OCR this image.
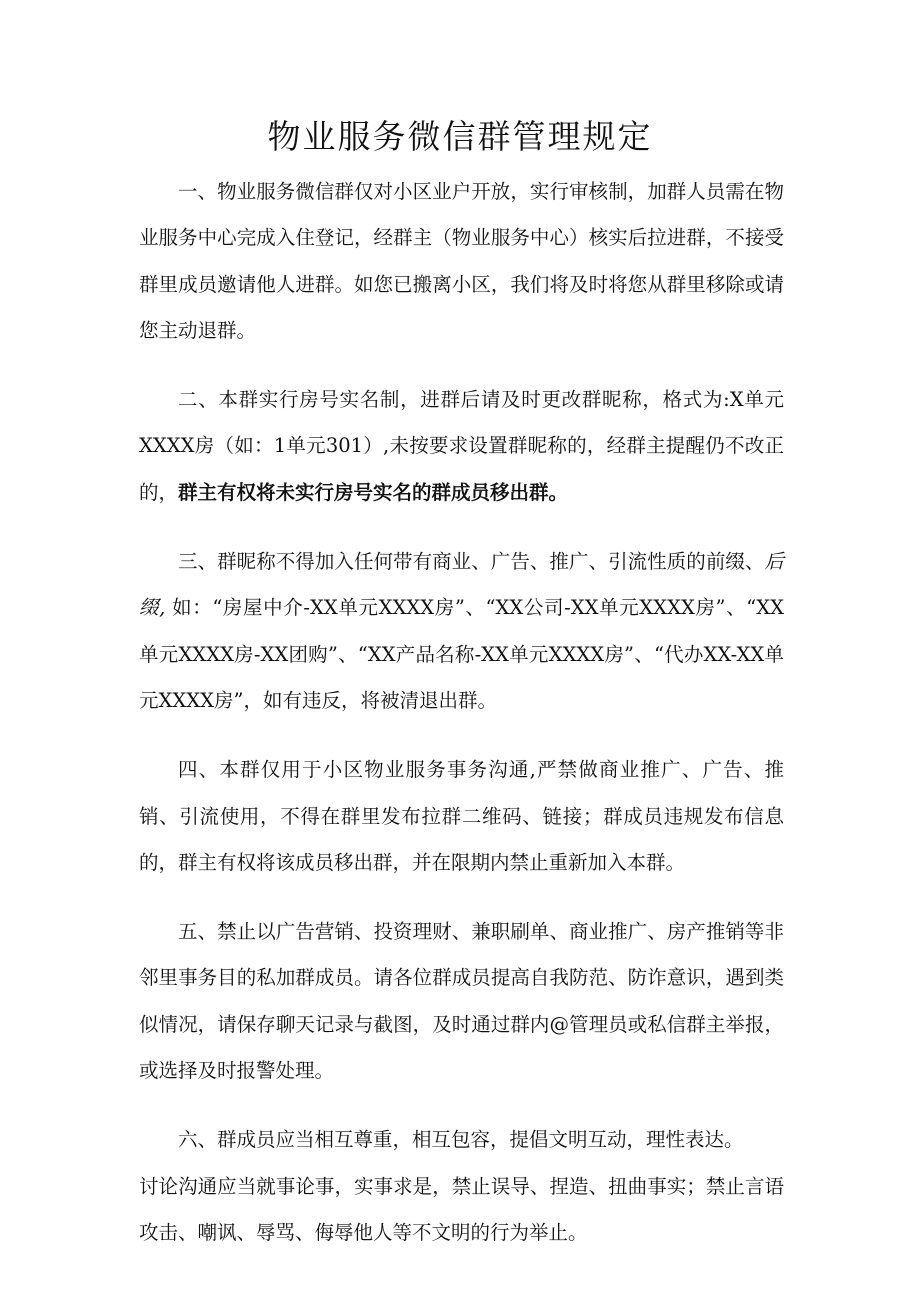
物业服务微信群管理规定

一、物业服务微信群仅对小区业户开放，实行审核制，加群人员需在物业服务中心完成入住登记，经群主（物业服务中心）核实后拉进群，不接受群里成员邀请他人进群。如您已搬离小区，我们将及时将您从群里移除或请您主动退群。

二、本群实行房号实名制，进群后请及时更改群昵称，格式为:X单元XXXX房（如：1单元301）,未按要求设置群昵称的，经群主提醒仍不改正的，群主有权将未实行房号实名的群成员移出群。

三、群昵称不得加入任何带有商业、广告、推广、引流性质的前缀、后缀, 如：“房屋中介-XX单元XXXX房”、“XX公司-XX单元XXXX房”、“XX单元XXXX房-XX团购”、“XX产品名称-XX单元XXXX房”、“代办XX-XX单元XXXX房”，如有违反，将被清退出群。

四、本群仅用于小区物业服务事务沟通,严禁做商业推广、广告、推销、引流使用，不得在群里发布拉群二维码、链接；群成员违规发布信息的，群主有权将该成员移出群，并在限期内禁止重新加入本群。

五、禁止以广告营销、投资理财、兼职刷单、商业推广、房产推销等非邻里事务目的私加群成员。请各位群成员提高自我防范、防诈意识，遇到类似情况，请保存聊天记录与截图，及时通过群内@管理员或私信群主举报，或选择及时报警处理。

六、群成员应当相互尊重，相互包容，提倡文明互动，理性表达。

讨论沟通应当就事论事，实事求是，禁止误导、捏造、扭曲事实；禁止言语攻击、嘲讽、辱骂、侮辱他人等不文明的行为举止。
